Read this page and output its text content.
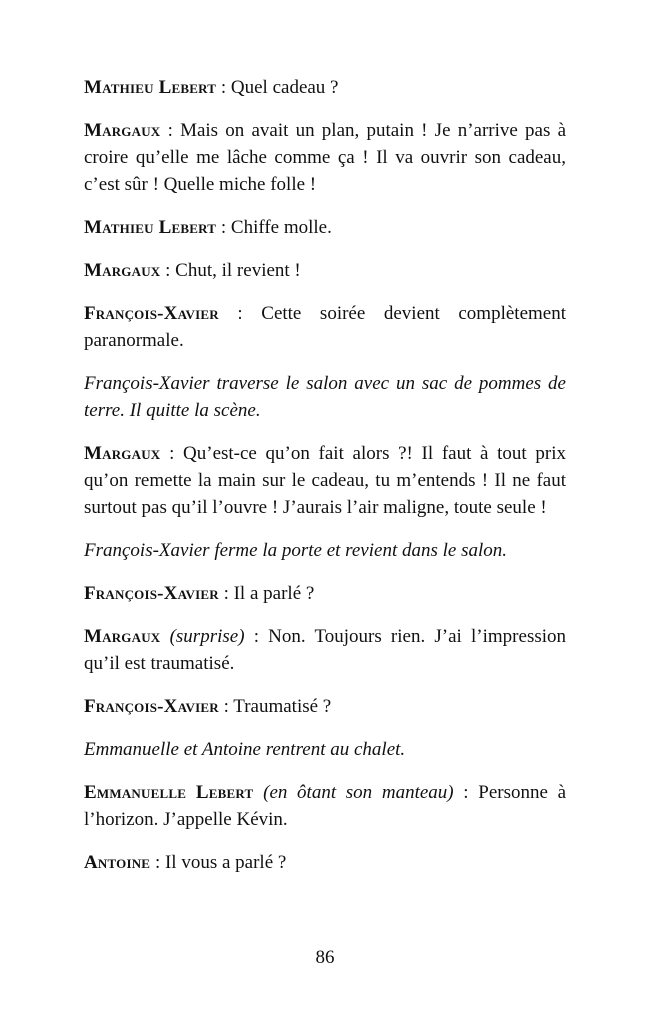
Mathieu Lebert : Quel cadeau ?

Margaux : Mais on avait un plan, putain ! Je n’arrive pas à croire qu’elle me lâche comme ça ! Il va ouvrir son cadeau, c’est sûr ! Quelle miche folle !

Mathieu Lebert : Chiffe molle.

Margaux : Chut, il revient !

François-Xavier : Cette soirée devient complètement paranormale.

François-Xavier traverse le salon avec un sac de pommes de terre. Il quitte la scène.

Margaux : Qu’est-ce qu’on fait alors ?! Il faut à tout prix qu’on remette la main sur le cadeau, tu m’entends ! Il ne faut surtout pas qu’il l’ouvre ! J’aurais l’air maligne, toute seule !

François-Xavier ferme la porte et revient dans le salon.

François-Xavier : Il a parlé ?

Margaux (surprise) : Non. Toujours rien. J’ai l’impression qu’il est traumatisé.

François-Xavier : Traumatisé ?

Emmanuelle et Antoine rentrent au chalet.

Emmanuelle Lebert (en ôtant son manteau) : Personne à l’horizon. J’appelle Kévin.

Antoine : Il vous a parlé ?

86
